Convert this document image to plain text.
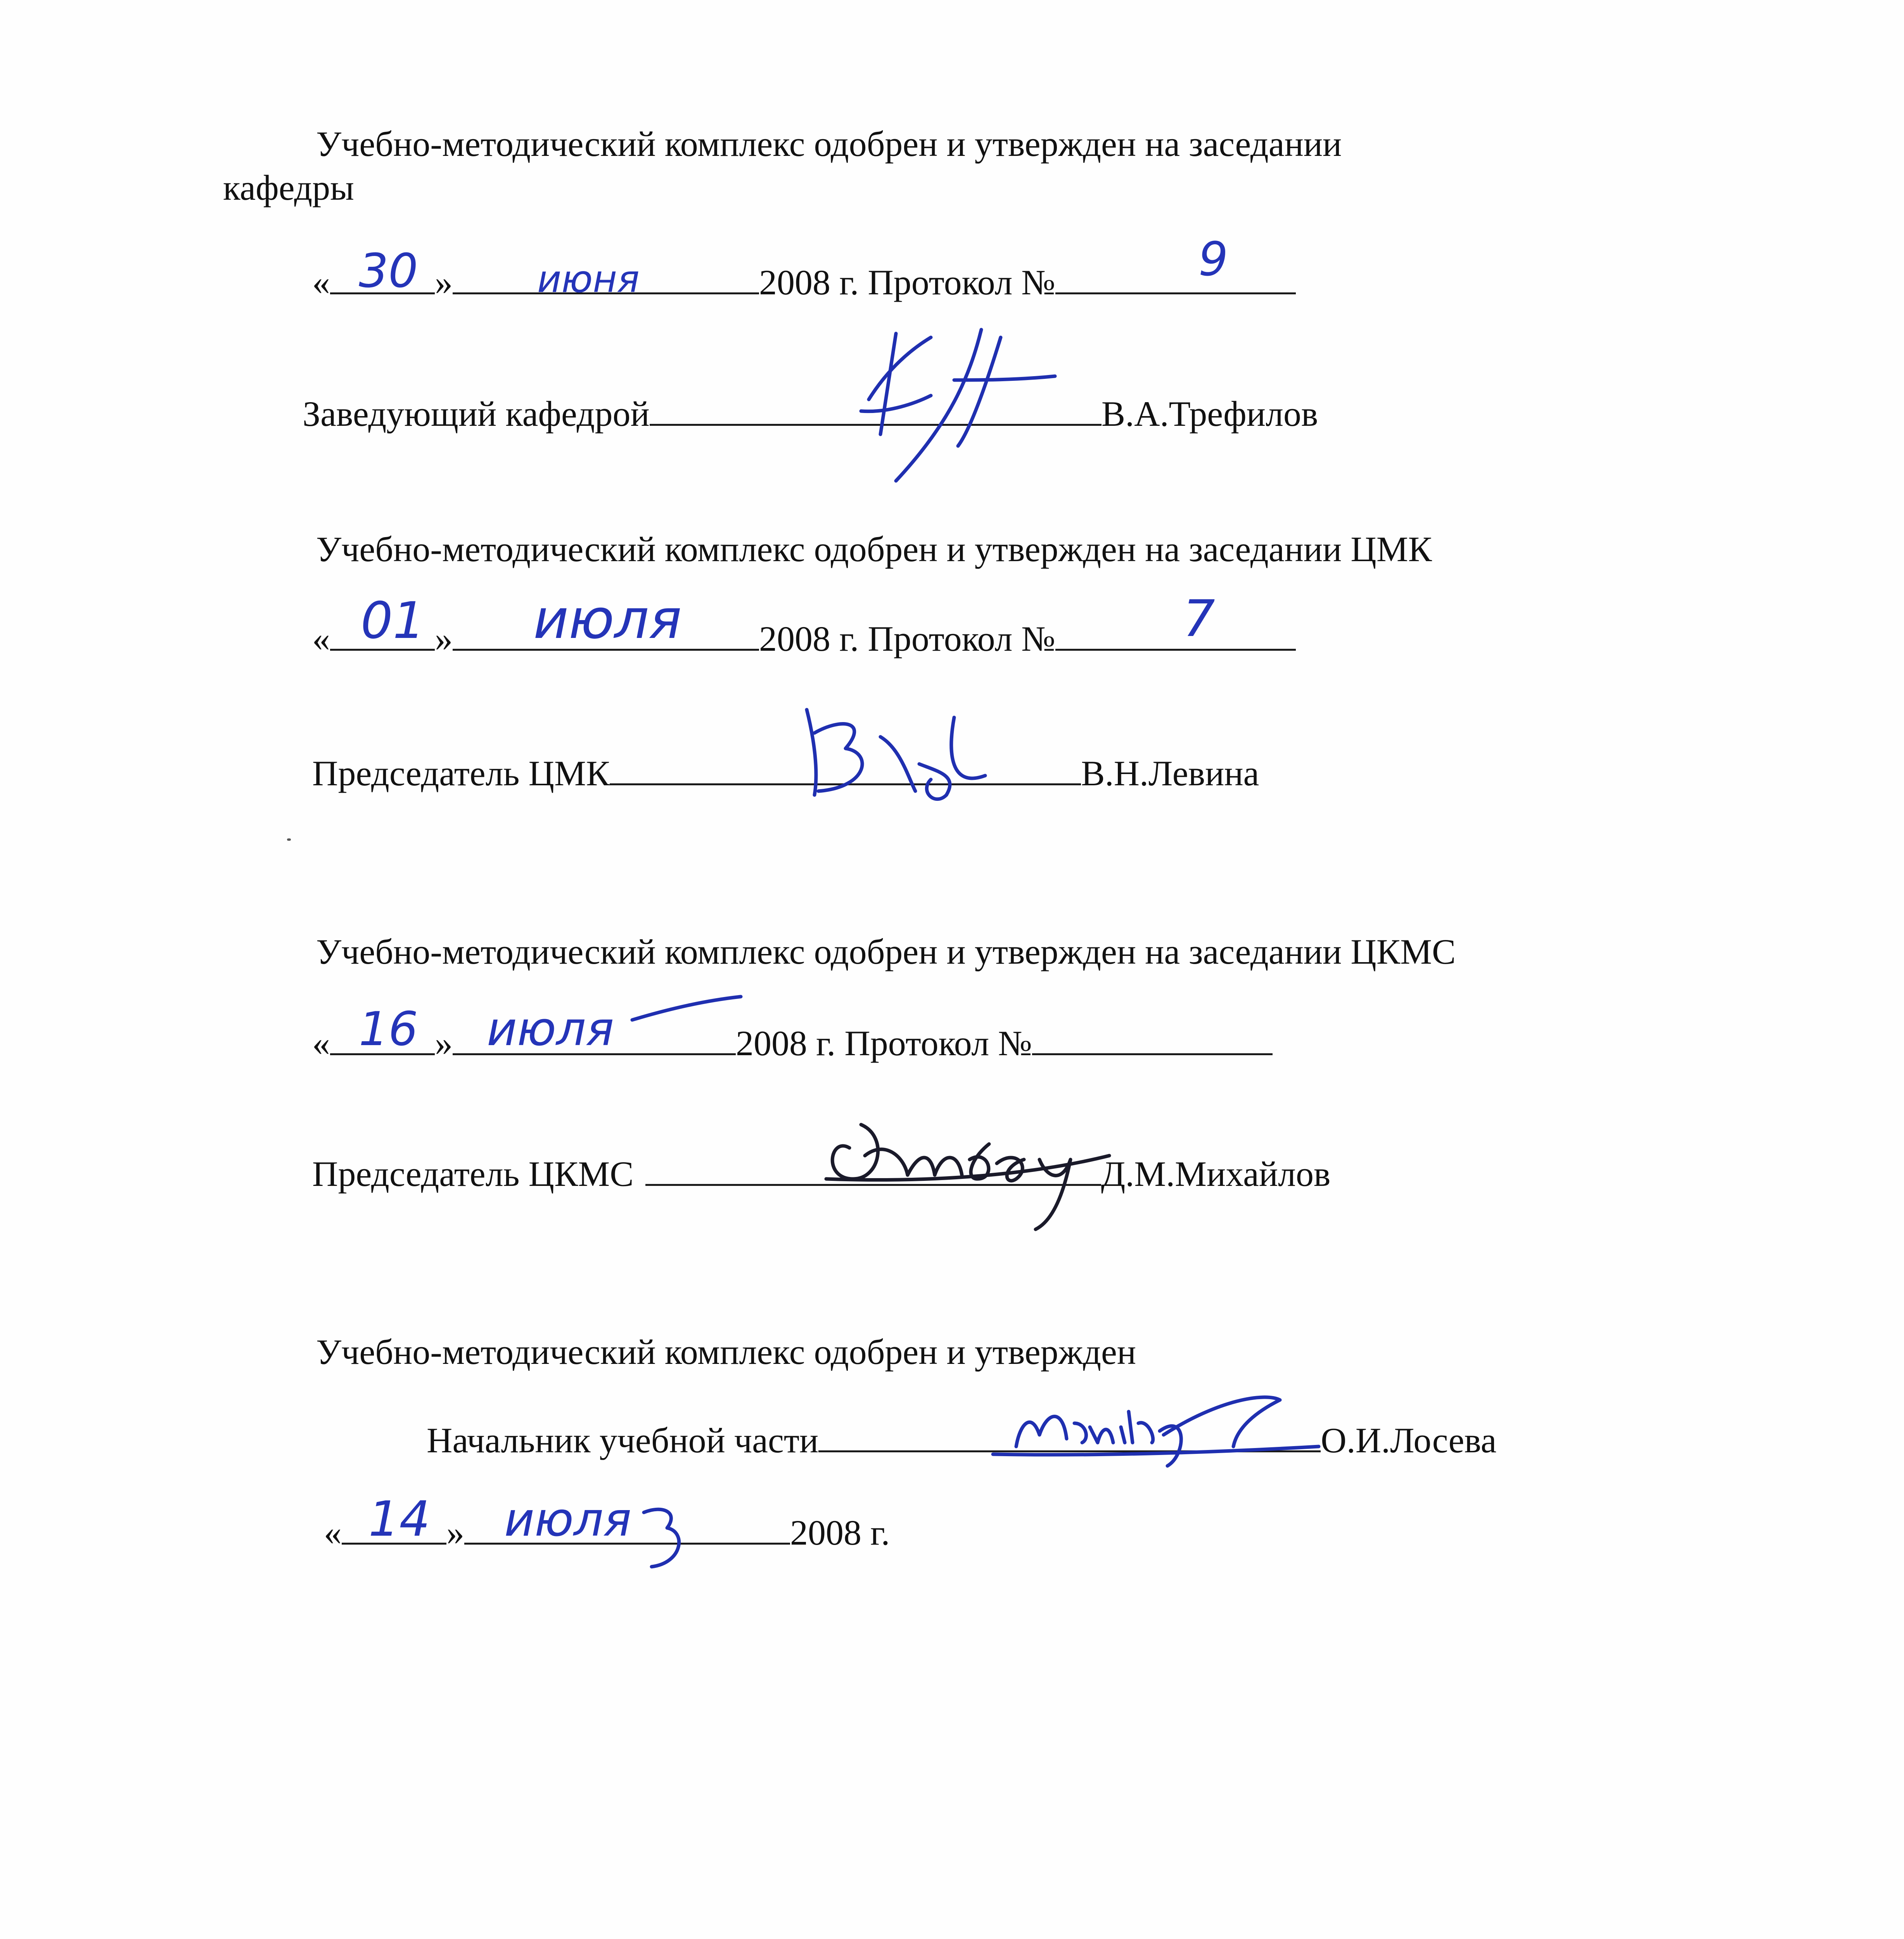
Учебно-методический комплекс одобрен и утвержден на заседании
кафедры
«	»	2008 г. Протокол №
30	июня	9
Заведующий кафедрой	В.А.Трефилов
Учебно-методический комплекс одобрен и утвержден на заседании ЦМК
«	»	2008 г. Протокол №
01 июля	7
Председатель ЦМК	В.Н.Левина
Учебно-методический комплекс одобрен и утвержден на заседании ЦКМС
«	»	2008 г. Протокол №
16 июля
Председатель ЦКМС	Д.М.Михайлов
Учебно-методический комплекс одобрен и утвержден
Начальник учебной части	О.И.Лосева
«	»	2008 г.
14 июля
